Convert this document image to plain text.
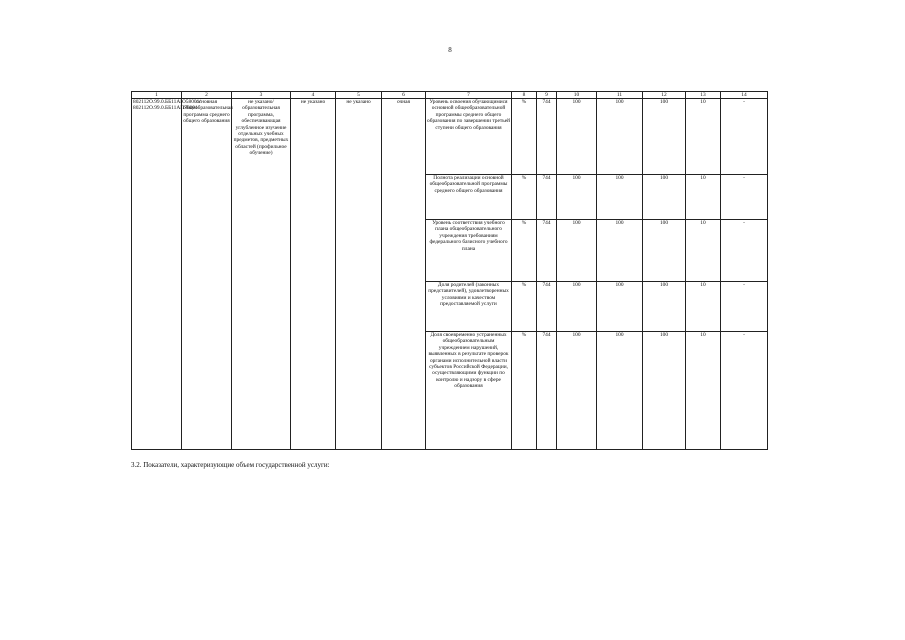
8
1	2	3	4	5	6	7	8	9	10	11	12	13	14
802112О.99.0.ББ11АЮ58001/ 802112О.99.0.ББ11АП76001	основная общеобразовательная программа среднего общего образования	не указано/ образовательная программа, обеспечивающая углубленное изучение отдельных учебных предметов, предметных областей (профильное обучение)	не указано	не указано	очная	Уровень освоения обучающимися основной общеобразовательной программы среднего общего образования по завершении третьей ступени общего образования	%	744	100	100	100	10	-
						Полнота реализации основной общеобразовательной программы среднего общего образования	%	744	100	100	100	10	-
						Уровень соответствия учебного плана общеобразовательного учреждения требованиям федерального базисного учебного плана	%	744	100	100	100	10	-
						Доля родителей (законных представителей), удовлетворенных условиями и качеством предоставляемой услуги	%	744	100	100	100	10	-
						Доля своевременно устраненных общеобразовательным учреждением нарушений, выявленных в результате проверок органами исполнительной власти субъектов Российской Федерации, осуществляющими функции по контролю и надзору в сфере образования	%	744	100	100	100	10	-
3.2. Показатели, характеризующие объем государственной услуги:
